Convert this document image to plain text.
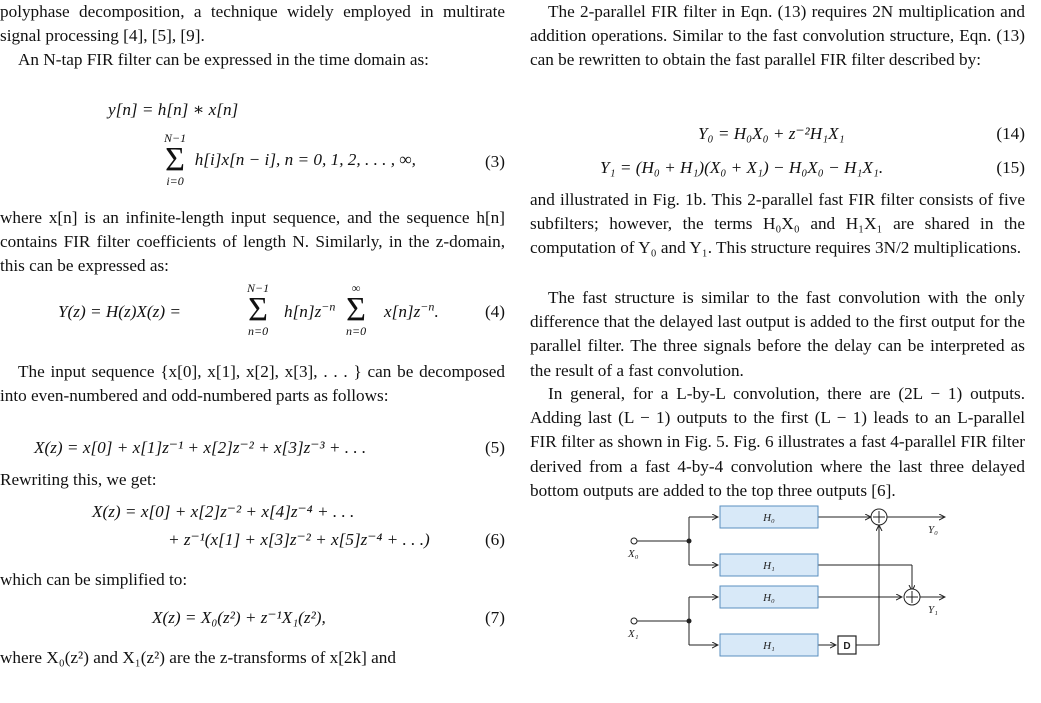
polyphase decomposition, a technique widely employed in multirate signal processing [4], [5], [9].

An N-tap FIR filter can be expressed in the time domain as:

y[n] = h[n] ∗ x[n]
N−1
Σ
i=0
h[i]x[n − i], n = 0, 1, 2, . . . , ∞,	(3)

where x[n] is an infinite-length input sequence, and the sequence h[n] contains FIR filter coefficients of length N. Similarly, in the z-domain, this can be expressed as:

Y(z) = H(z)X(z) =
N−1
Σ
n=0
$h[n]z^{-n}$
∞
Σ
n=0
$x[n]z^{-n}$.	(4)

The input sequence {x[0], x[1], x[2], x[3], . . . } can be decomposed into even-numbered and odd-numbered parts as follows:

X(z) = x[0] + x[1]z⁻¹ + x[2]z⁻² + x[3]z⁻³ + . . .	(5)

Rewriting this, we get:

X(z) = x[0] + x[2]z⁻² + x[4]z⁻⁴ + . . .
+ z⁻¹(x[1] + x[3]z⁻² + x[5]z⁻⁴ + . . .)	(6)

which can be simplified to:

X(z) = X₀(z²) + z⁻¹X₁(z²),	(7)

where X₀(z²) and X₁(z²) are the z-transforms of x[2k] and

The 2-parallel FIR filter in Eqn. (13) requires 2N multiplication and addition operations. Similar to the fast convolution structure, Eqn. (13) can be rewritten to obtain the fast parallel FIR filter described by:

Y₀ = H₀X₀ + z⁻²H₁X₁	(14)
Y₁ = (H₀ + H₁)(X₀ + X₁) − H₀X₀ − H₁X₁.	(15)

and illustrated in Fig. 1b. This 2-parallel fast FIR filter consists of five subfilters; however, the terms H₀X₀ and H₁X₁ are shared in the computation of Y₀ and Y₁. This structure requires 3N/2 multiplications.

The fast structure is similar to the fast convolution with the only difference that the delayed last output is added to the first output for the parallel filter. The three signals before the delay can be interpreted as the result of a fast convolution.

In general, for a L-by-L convolution, there are (2L − 1) outputs. Adding last (L − 1) outputs to the first (L − 1) leads to an L-parallel FIR filter as shown in Fig. 5. Fig. 6 illustrates a fast 4-parallel FIR filter derived from a fast 4-by-4 convolution where the last three delayed bottom outputs are added to the top three outputs [6].

H₀
H₁
H₀
H₁
X₀
X₁
Y₀
Y₁
D
